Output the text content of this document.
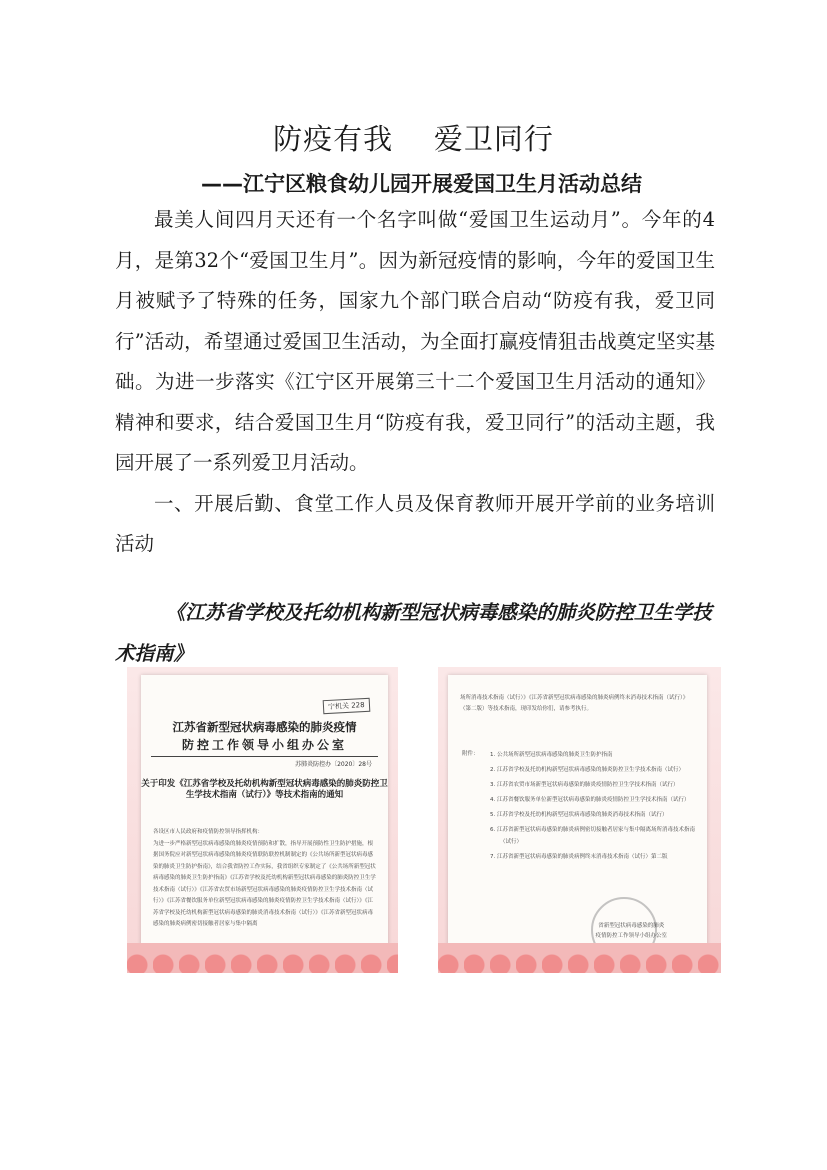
防疫有我    爱卫同行
——江宁区粮食幼儿园开展爱国卫生月活动总结

最美人间四月天还有一个名字叫做“爱国卫生运动月”。今年的4月，是第32个“爱国卫生月”。因为新冠疫情的影响，今年的爱国卫生月被赋予了特殊的任务，国家九个部门联合启动“防疫有我，爱卫同行”活动，希望通过爱国卫生活动，为全面打赢疫情狙击战奠定坚实基础。为进一步落实《江宁区开展第三十二个爱国卫生月活动的通知》精神和要求，结合爱国卫生月“防疫有我，爱卫同行”的活动主题，我园开展了一系列爱卫月活动。

一、开展后勤、食堂工作人员及保育教师开展开学前的业务培训活动

《江苏省学校及托幼机构新型冠状病毒感染的肺炎防控卫生学技术指南》
宁机关 228
江苏省新型冠状病毒感染的肺炎疫情
防控工作领导小组办公室
苏肺炎防控办〔2020〕28号
关于印发《江苏省学校及托幼机构新型冠状病毒感染的肺炎防控卫生学技术指南（试行）》等技术指南的通知
各设区市人民政府和疫情防控领导指挥机构：
为进一步严格新型冠状病毒感染的肺炎疫情预防和扩散，指导开展预防性卫生防护措施，根据国务院应对新型冠状病毒感染的肺炎疫情联防联控机制制定的《公共场所新型冠状病毒感染的肺炎卫生防护指南》，结合我省防控工作实际，我省组织专家制定了《公共场所新型冠状病毒感染的肺炎卫生防护指南》《江苏省学校及托幼机构新型冠状病毒感染的肺炎防控卫生学技术指南（试行）》《江苏省农贸市场新型冠状病毒感染的肺炎疫情防控卫生学技术指南（试行）》《江苏省餐饮服务单位新型冠状病毒感染的肺炎疫情防控卫生学技术指南（试行）》《江苏省学校及托幼机构新型冠状病毒感染的肺炎消毒技术指南（试行）》《江苏省新型冠状病毒感染的肺炎病例密切接触者居家与集中隔离
场所消毒技术指南（试行）》《江苏省新型冠状病毒感染的肺炎病例终末消毒技术指南（试行）》（第二版）等技术指南，现印发给你们，请参考执行。
附件：	1. 公共场所新型冠状病毒感染的肺炎卫生防护指南
2. 江苏省学校及托幼机构新型冠状病毒感染的肺炎防控卫生学技术指南（试行）
3. 江苏省农贸市场新型冠状病毒感染的肺炎疫情防控卫生学技术指南（试行）
4. 江苏省餐饮服务单位新型冠状病毒感染的肺炎疫情防控卫生学技术指南（试行）
5. 江苏省学校及托幼机构新型冠状病毒感染的肺炎消毒技术指南（试行）
6. 江苏省新型冠状病毒感染的肺炎病例密切接触者居家与集中隔离场所消毒技术指南（试行）
7. 江苏省新型冠状病毒感染的肺炎病例终末消毒技术指南（试行）第二版
省新型冠状病毒感染的肺炎
疫情防控工作领导小组办公室
